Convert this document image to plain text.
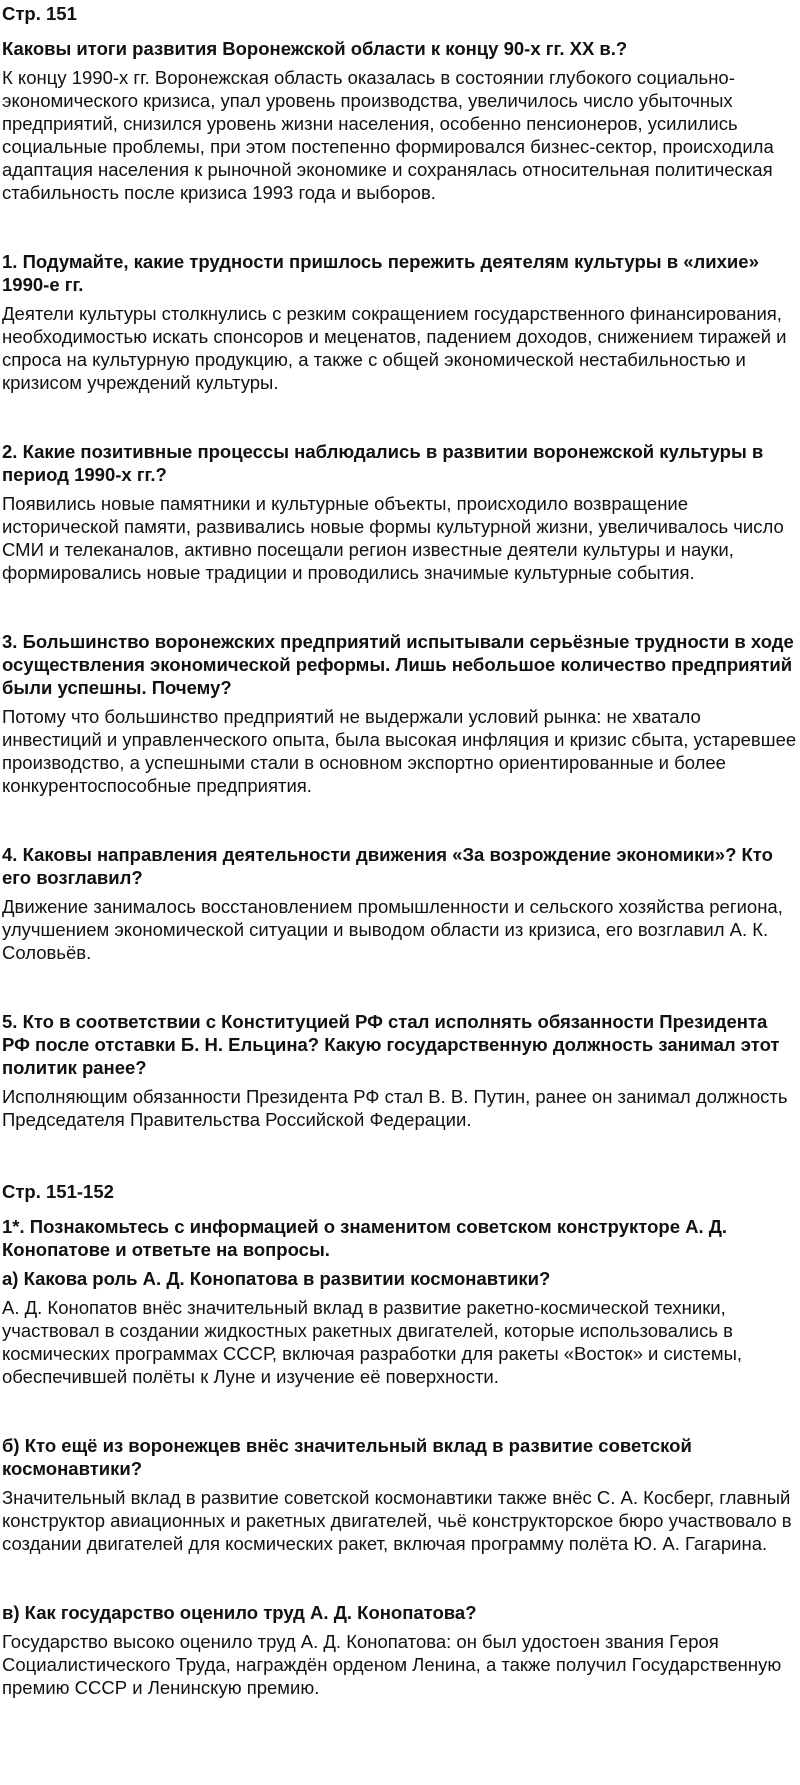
Стр. 151

Каковы итоги развития Воронежской области к концу 90-х гг. XX в.?

К концу 1990-х гг. Воронежская область оказалась в состоянии глубокого социально-экономического кризиса, упал уровень производства, увеличилось число убыточных предприятий, снизился уровень жизни населения, особенно пенсионеров, усилились социальные проблемы, при этом постепенно формировался бизнес-сектор, происходила адаптация населения к рыночной экономике и сохранялась относительная политическая стабильность после кризиса 1993 года и выборов.

1. Подумайте, какие трудности пришлось пережить деятелям культуры в «лихие» 1990-е гг.

Деятели культуры столкнулись с резким сокращением государственного финансирования, необходимостью искать спонсоров и меценатов, падением доходов, снижением тиражей и спроса на культурную продукцию, а также с общей экономической нестабильностью и кризисом учреждений культуры.

2. Какие позитивные процессы наблюдались в развитии воронежской культуры в период 1990-х гг.?

Появились новые памятники и культурные объекты, происходило возвращение исторической памяти, развивались новые формы культурной жизни, увеличивалось число СМИ и телеканалов, активно посещали регион известные деятели культуры и науки, формировались новые традиции и проводились значимые культурные события.

3. Большинство воронежских предприятий испытывали серьёзные трудности в ходе осуществления экономической реформы. Лишь небольшое количество предприятий были успешны. Почему?

Потому что большинство предприятий не выдержали условий рынка: не хватало инвестиций и управленческого опыта, была высокая инфляция и кризис сбыта, устаревшее производство, а успешными стали в основном экспортно ориентированные и более конкурентоспособные предприятия.

4. Каковы направления деятельности движения «За возрождение экономики»? Кто его возглавил?

Движение занималось восстановлением промышленности и сельского хозяйства региона, улучшением экономической ситуации и выводом области из кризиса, его возглавил А. К. Соловьёв.

5. Кто в соответствии с Конституцией РФ стал исполнять обязанности Президента РФ после отставки Б. Н. Ельцина? Какую государственную должность занимал этот политик ранее?

Исполняющим обязанности Президента РФ стал В. В. Путин, ранее он занимал должность Председателя Правительства Российской Федерации.

Стр. 151-152

1*. Познакомьтесь с информацией о знаменитом советском конструкторе А. Д. Конопатове и ответьте на вопросы.

а) Какова роль А. Д. Конопатова в развитии космонавтики?

А. Д. Конопатов внёс значительный вклад в развитие ракетно-космической техники, участвовал в создании жидкостных ракетных двигателей, которые использовались в космических программах СССР, включая разработки для ракеты «Восток» и системы, обеспечившей полёты к Луне и изучение её поверхности.

б) Кто ещё из воронежцев внёс значительный вклад в развитие советской космонавтики?

Значительный вклад в развитие советской космонавтики также внёс С. А. Косберг, главный конструктор авиационных и ракетных двигателей, чьё конструкторское бюро участвовало в создании двигателей для космических ракет, включая программу полёта Ю. А. Гагарина.

в) Как государство оценило труд А. Д. Конопатова?

Государство высоко оценило труд А. Д. Конопатова: он был удостоен звания Героя Социалистического Труда, награждён орденом Ленина, а также получил Государственную премию СССР и Ленинскую премию.
